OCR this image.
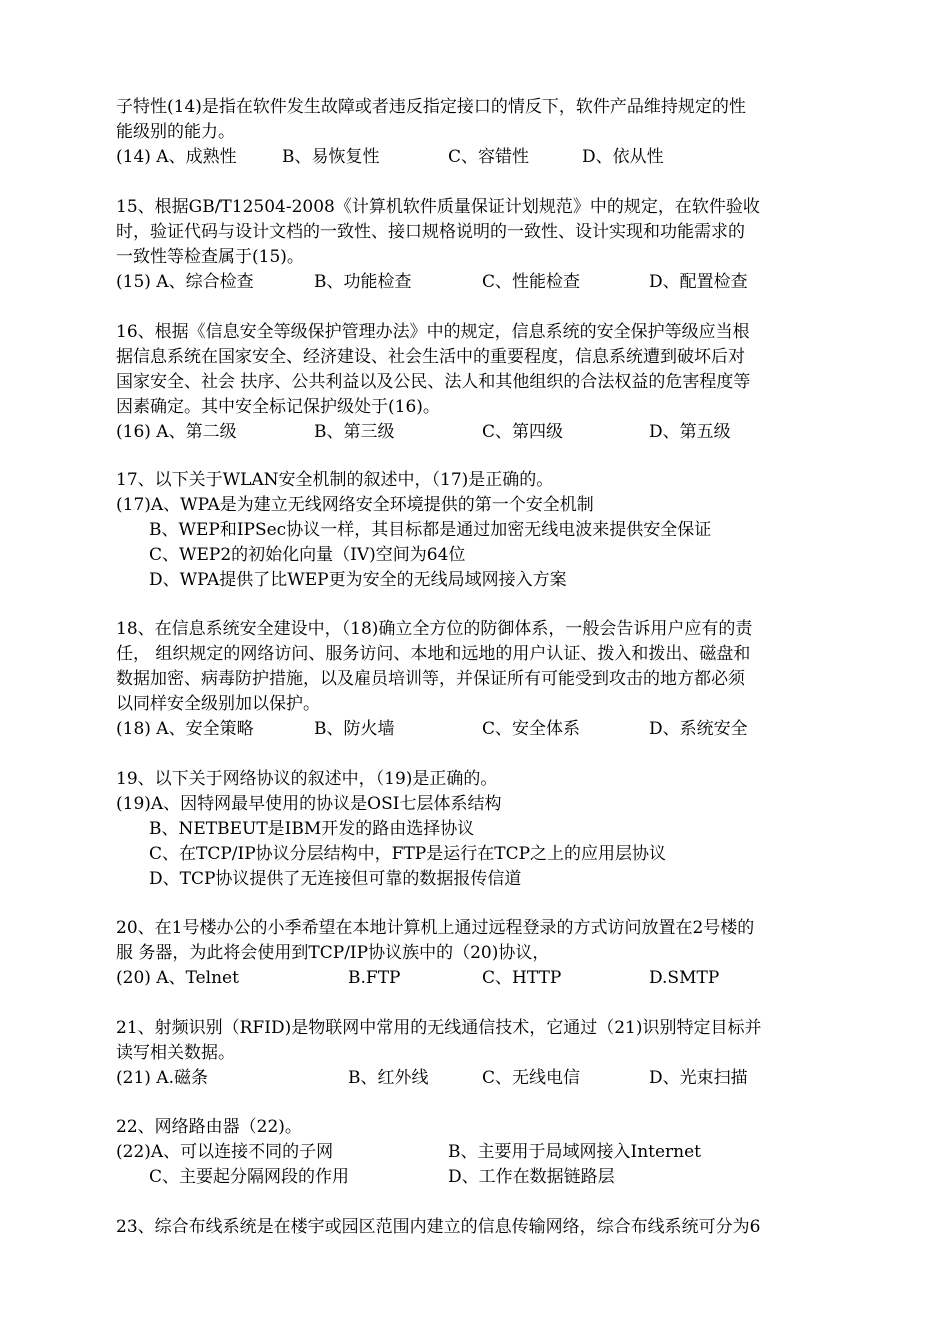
子特性(14)是指在软件发生故障或者违反指定接口的情反下，软件产品维持规定的性
能级别的能力。
(14) A、成熟性	B、易恢复性	C、容错性	D、依从性
15、根据GB/T12504-2008《计算机软件质量保证计划规范》中的规定，在软件验收
时，验证代码与设计文档的一致性、接口规格说明的一致性、设计实现和功能需求的
一致性等检查属于(15)。
(15) A、综合检查	B、功能检查	C、性能检查	D、配置检查
16、根据《信息安全等级保护管理办法》中的规定，信息系统的安全保护等级应当根
据信息系统在国家安全、经济建设、社会生活中的重要程度，信息系统遭到破坏后对
国家安全、社会 扶序、公共利益以及公民、法人和其他组织的合法权益的危害程度等
因素确定。其中安全标记保护级处于(16)。
(16) A、第二级	B、第三级	C、第四级	D、第五级
17、以下关于WLAN安全机制的叙述中，（17)是正确的。
(17)A、WPA是为建立无线网络安全环境提供的第一个安全机制
B、WEP和IPSec协议一样，其目标都是通过加密无线电波来提供安全保证
C、WEP2的初始化向量（IV)空间为64位
D、WPA提供了比WEP更为安全的无线局域网接入方案
18、在信息系统安全建设中，（18)确立全方位的防御体系，一般会告诉用户应有的责
任， 组织规定的网络访问、服务访问、本地和远地的用户认证、拨入和拨出、磁盘和
数据加密、病毒防护措施，以及雇员培训等，并保证所有可能受到攻击的地方都必须
以同样安全级别加以保护。
(18) A、安全策略	B、防火墙	C、安全体系	D、系统安全
19、以下关于网络协议的叙述中，（19)是正确的。
(19)A、因特网最早使用的协议是OSI七层体系结构
B、NETBEUT是IBM开发的路由选择协议
C、在TCP/IP协议分层结构中，FTP是运行在TCP之上的应用层协议
D、TCP协议提供了无连接但可靠的数据报传信道
20、在1号楼办公的小季希望在本地计算机上通过远程登录的方式访问放置在2号楼的
服 务器，为此将会使用到TCP/IP协议族中的（20)协议，
(20) A、Telnet	B.FTP	C、HTTP	D.SMTP
21、射频识别（RFID)是物联网中常用的无线通信技术，它通过（21)识别特定目标并
读写相关数据。
(21) A.磁条	B、红外线	C、无线电信	D、光束扫描
22、网络路由器（22)。
(22)A、可以连接不同的子网	B、主要用于局域网接入Internet
C、主要起分隔网段的作用	D、工作在数据链路层
23、综合布线系统是在楼宇或园区范围内建立的信息传输网络，综合布线系统可分为6
